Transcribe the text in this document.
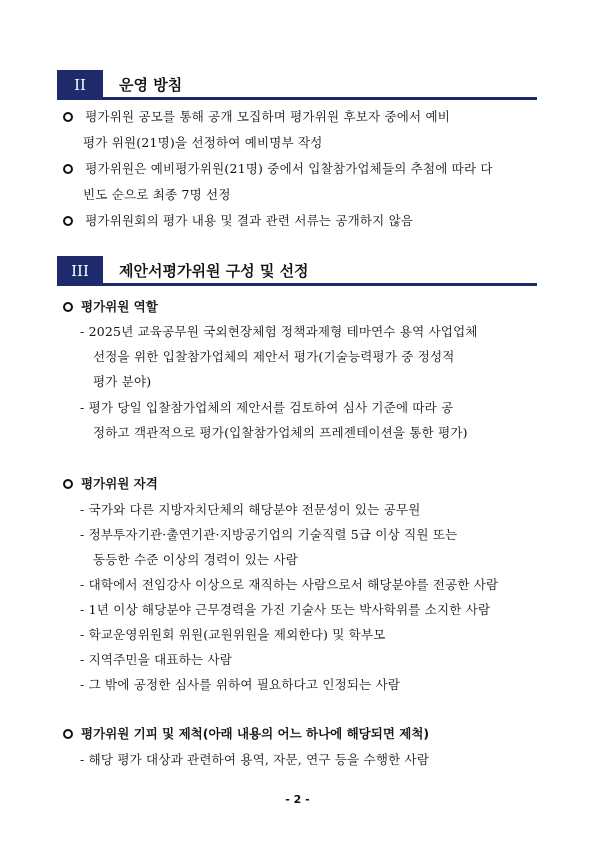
II	운영 방침
평가위원 공모를 통해 공개 모집하며 평가위원 후보자 중에서 예비
평가 위원(21명)을 선정하여 예비명부 작성
평가위원은 예비평가위원(21명) 중에서 입찰참가업체들의 추첨에 따라 다
빈도 순으로 최종 7명 선정
평가위원회의 평가 내용 및 결과 관련 서류는 공개하지 않음
III	제안서평가위원 구성 및 선정
평가위원 역할
- 2025년 교육공무원 국외현장체험 정책과제형 테마연수 용역 사업업체
선정을 위한 입찰참가업체의 제안서 평가(기술능력평가 중 정성적
평가 분야)
- 평가 당일 입찰참가업체의 제안서를 검토하여 심사 기준에 따라 공
정하고 객관적으로 평가(입찰참가업체의 프레젠테이션을 통한 평가)
평가위원 자격
- 국가와 다른 지방자치단체의 해당분야 전문성이 있는 공무원
- 정부투자기관·출연기관·지방공기업의 기술직렬 5급 이상 직원 또는
동등한 수준 이상의 경력이 있는 사람
- 대학에서 전임강사 이상으로 재직하는 사람으로서 해당분야를 전공한 사람
- 1년 이상 해당분야 근무경력을 가진 기술사 또는 박사학위를 소지한 사람
- 학교운영위원회 위원(교원위원을 제외한다) 및 학부모
- 지역주민을 대표하는 사람
- 그 밖에 공정한 심사를 위하여 필요하다고 인정되는 사람
평가위원 기피 및 제척(아래 내용의 어느 하나에 해당되면 제척)
- 해당 평가 대상과 관련하여 용역, 자문, 연구 등을 수행한 사람
- 2 -
